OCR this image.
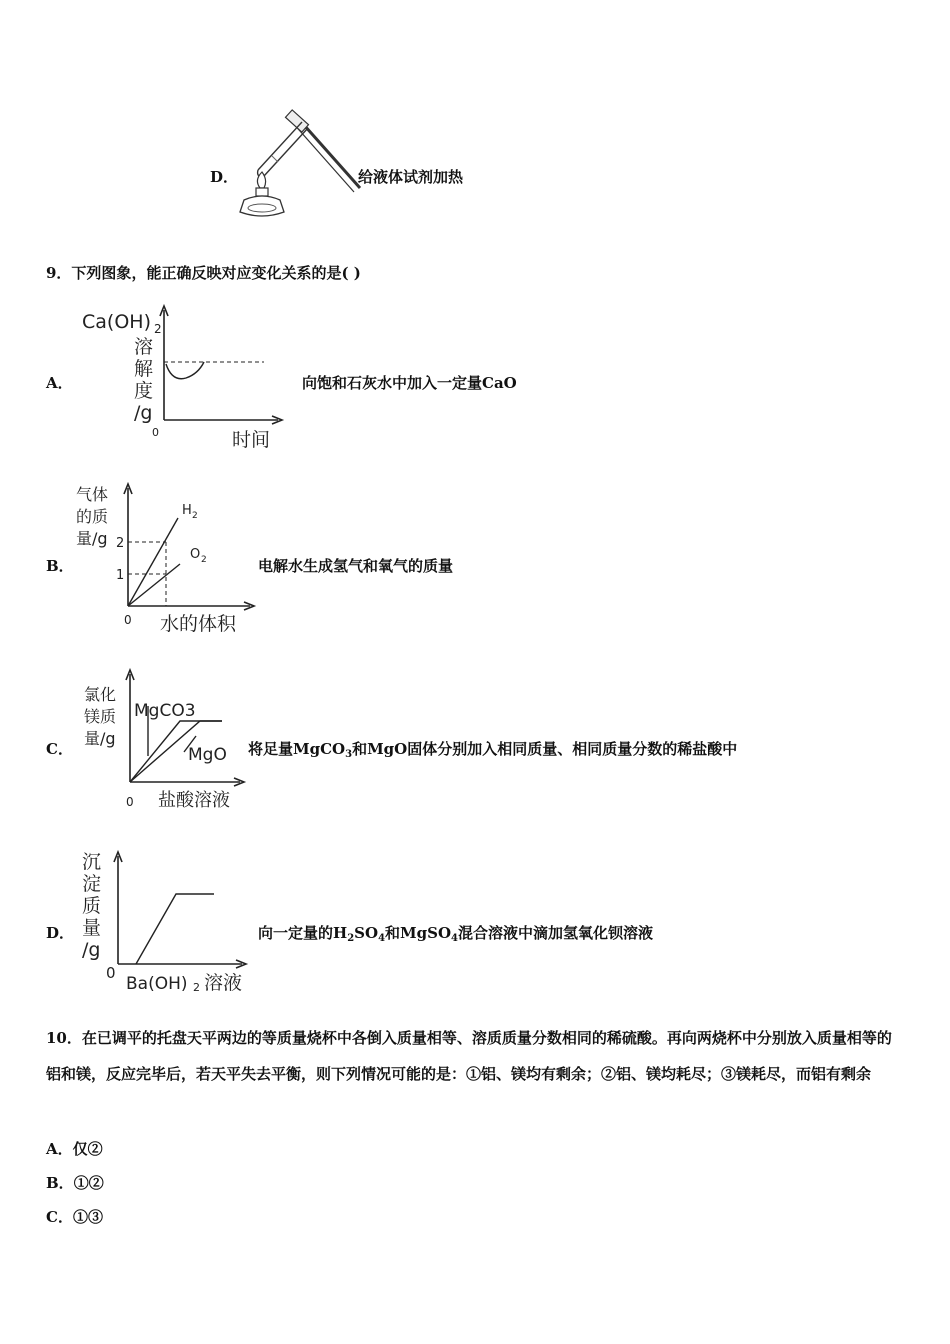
D．	给液体试剂加热
9．下列图象，能正确反映对应变化关系的是( )
A．
Ca(OH) 2
溶
解
度
/g
0	时间
向饱和石灰水中加入一定量CaO
B．
气体
的质
量/g 2
1
H 2
O 2
0 水的体积
电解水生成氢气和氧气的质量
C．
氯化
镁质
量/g
MgCO3
MgO
0 盐酸溶液
将足量MgCO$_3$和MgO固体分别加入相同质量、相同质量分数的稀盐酸中
D．
沉
淀
质
量
/g
0
Ba(OH) 2 溶液
向一定量的$H_2SO_4$和MgSO$_4$混合溶液中滴加氢氧化钡溶液
10．在已调平的托盘天平两边的等质量烧杯中各倒入质量相等、溶质质量分数相同的稀硫酸。再向两烧杯中分别放入质量相等的铝和镁，反应完毕后，若天平失去平衡，则下列情况可能的是：①铝、镁均有剩余；②铝、镁均耗尽；③镁耗尽，而铝有剩余
A．仅②
B．①②
C．①③
